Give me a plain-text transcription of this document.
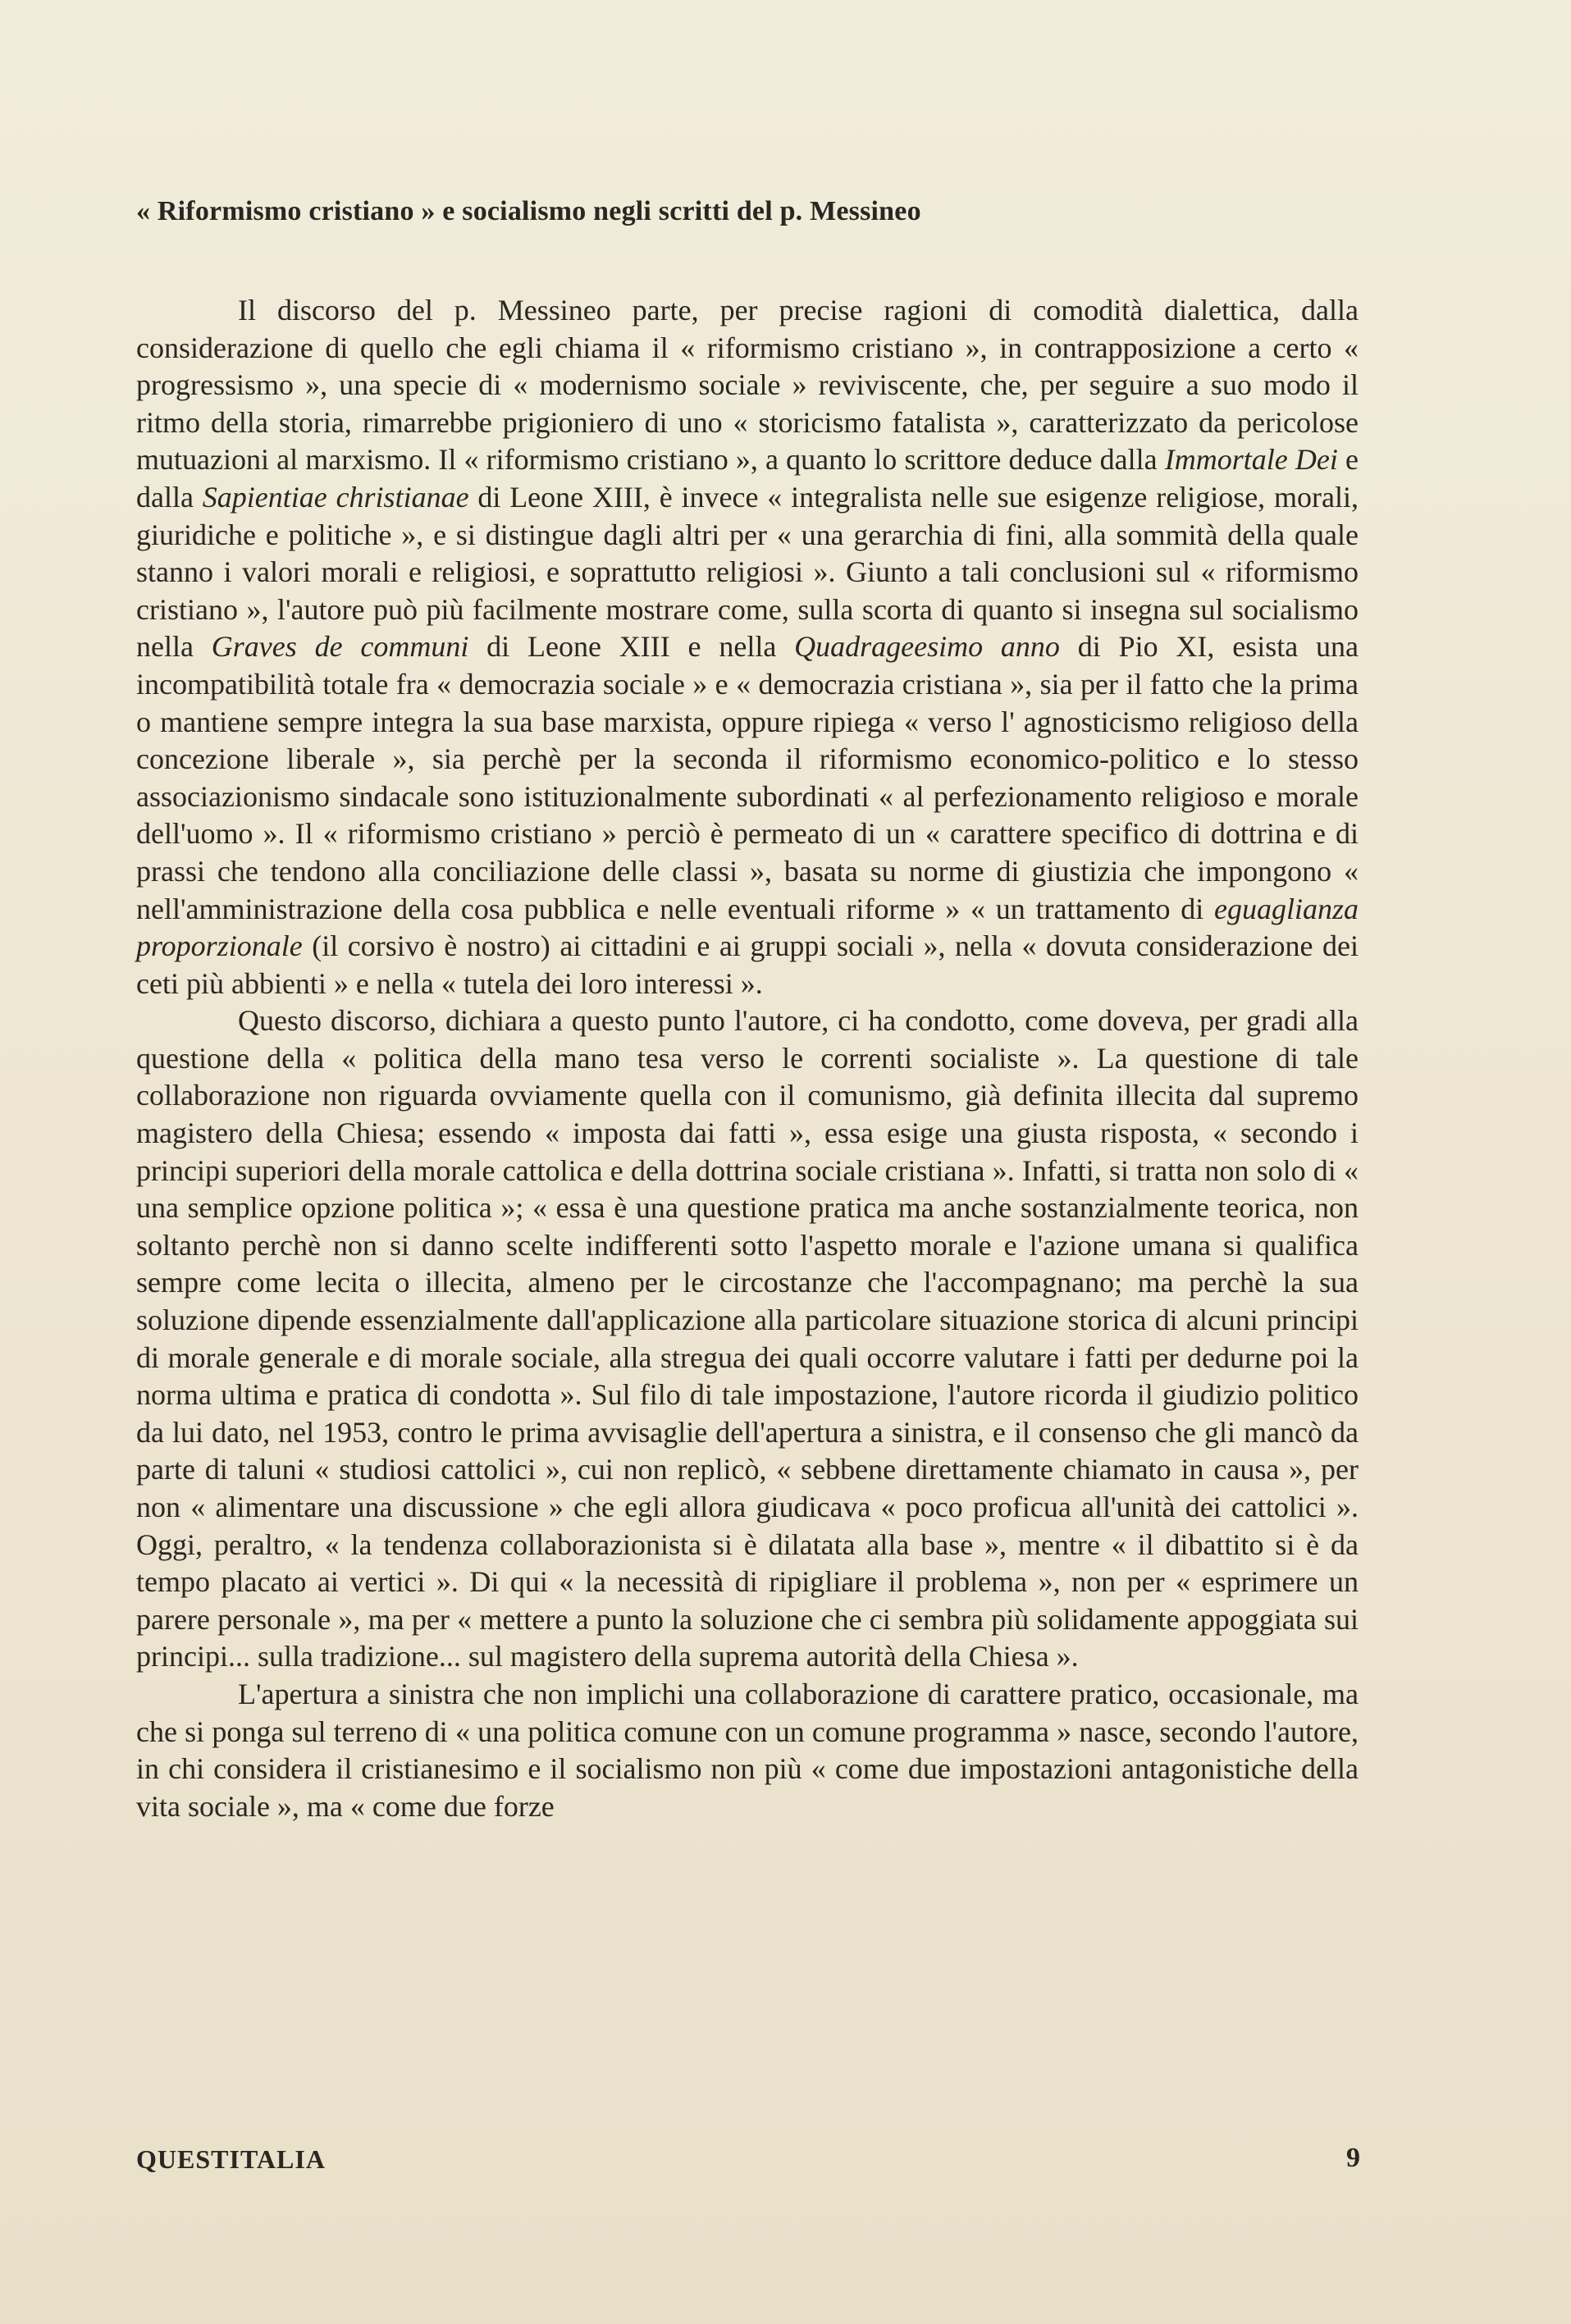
« Riformismo cristiano » e socialismo negli scritti del p. Messineo

Il discorso del p. Messineo parte, per precise ragioni di comodità dialettica, dalla considerazione di quello che egli chiama il « riformismo cristiano », in contrapposizione a certo « progressismo », una specie di « modernismo sociale » reviviscente, che, per seguire a suo modo il ritmo della storia, rimarrebbe prigioniero di uno « storicismo fatalista », caratterizzato da pericolose mutuazioni al marxismo. Il « riformismo cristiano », a quanto lo scrittore deduce dalla Immortale Dei e dalla Sapientiae christianae di Leone XIII, è invece « integralista nelle sue esigenze religiose, morali, giuridiche e politiche », e si distingue dagli altri per « una gerarchia di fini, alla sommità della quale stanno i valori morali e religiosi, e soprattutto religiosi ». Giunto a tali conclusioni sul « riformismo cristiano », l'autore può più facilmente mostrare come, sulla scorta di quanto si insegna sul socialismo nella Graves de communi di Leone XIII e nella Quadrageesimo anno di Pio XI, esista una incompatibilità totale fra « democrazia sociale » e « democrazia cristiana », sia per il fatto che la prima o mantiene sempre integra la sua base marxista, oppure ripiega « verso l' agnosticismo religioso della concezione liberale », sia perchè per la seconda il riformismo economico-politico e lo stesso associazionismo sindacale sono istituzionalmente subordinati « al perfezionamento religioso e morale dell'uomo ». Il « riformismo cristiano » perciò è permeato di un « carattere specifico di dottrina e di prassi che tendono alla conciliazione delle classi », basata su norme di giustizia che impongono « nell'amministrazione della cosa pubblica e nelle eventuali riforme » « un trattamento di eguaglianza proporzionale (il corsivo è nostro) ai cittadini e ai gruppi sociali », nella « dovuta considerazione dei ceti più abbienti » e nella « tutela dei loro interessi ».

Questo discorso, dichiara a questo punto l'autore, ci ha condotto, come doveva, per gradi alla questione della « politica della mano tesa verso le correnti socialiste ». La questione di tale collaborazione non riguarda ovviamente quella con il comunismo, già definita illecita dal supremo magistero della Chiesa; essendo « imposta dai fatti », essa esige una giusta risposta, « secondo i principi superiori della morale cattolica e della dottrina sociale cristiana ». Infatti, si tratta non solo di « una semplice opzione politica »; « essa è una questione pratica ma anche sostanzialmente teorica, non soltanto perchè non si danno scelte indifferenti sotto l'aspetto morale e l'azione umana si qualifica sempre come lecita o illecita, almeno per le circostanze che l'accompagnano; ma perchè la sua soluzione dipende essenzialmente dall'applicazione alla particolare situazione storica di alcuni principi di morale generale e di morale sociale, alla stregua dei quali occorre valutare i fatti per dedurne poi la norma ultima e pratica di condotta ». Sul filo di tale impostazione, l'autore ricorda il giudizio politico da lui dato, nel 1953, contro le prima avvisaglie dell'apertura a sinistra, e il consenso che gli mancò da parte di taluni « studiosi cattolici », cui non replicò, « sebbene direttamente chiamato in causa », per non « alimentare una discussione » che egli allora giudicava « poco proficua all'unità dei cattolici ». Oggi, peraltro, « la tendenza collaborazionista si è dilatata alla base », mentre « il dibattito si è da tempo placato ai vertici ». Di qui « la necessità di ripigliare il problema », non per « esprimere un parere personale », ma per « mettere a punto la soluzione che ci sembra più solidamente appoggiata sui principi... sulla tradizione... sul magistero della suprema autorità della Chiesa ».

L'apertura a sinistra che non implichi una collaborazione di carattere pratico, occasionale, ma che si ponga sul terreno di « una politica comune con un comune programma » nasce, secondo l'autore, in chi considera il cristianesimo e il socialismo non più « come due impostazioni antagonistiche della vita sociale », ma « come due forze

QUESTITALIA	9
